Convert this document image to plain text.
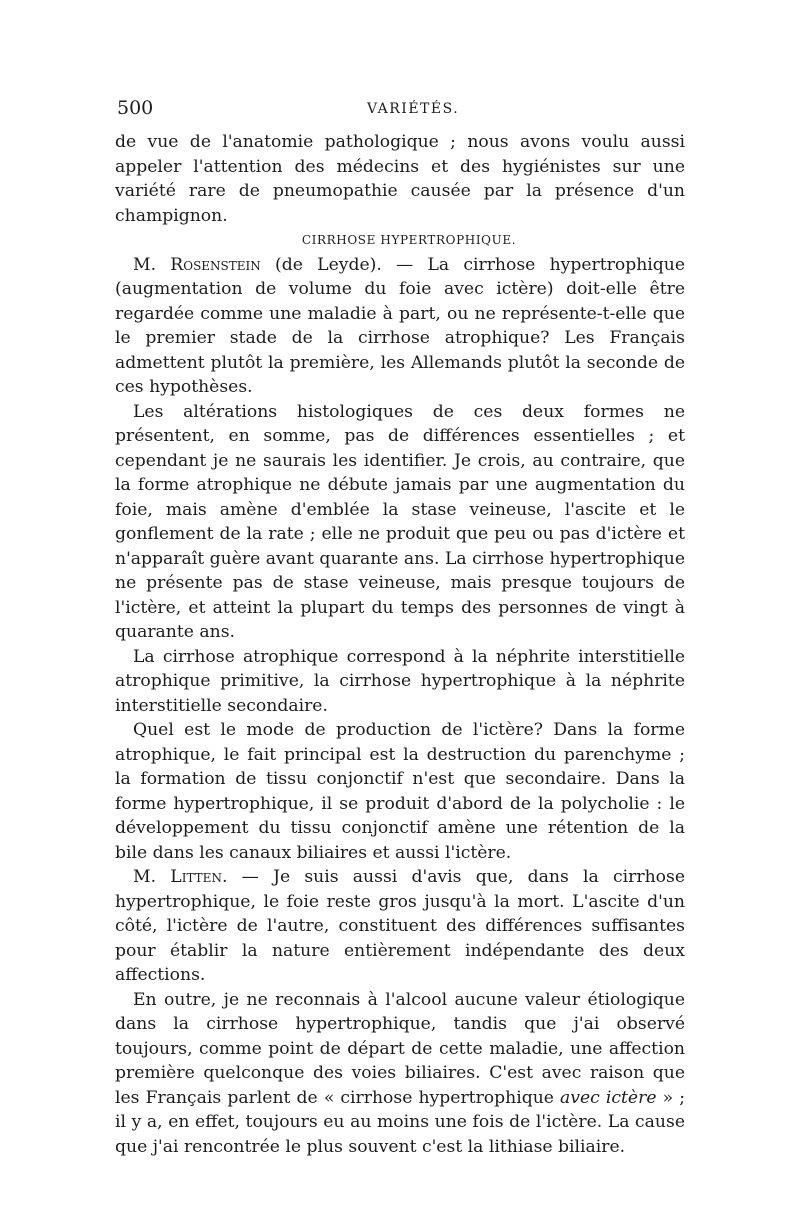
500	VARIÉTÉS.

de vue de l'anatomie pathologique ; nous avons voulu aussi appeler l'attention des médecins et des hygiénistes sur une variété rare de pneumopathie causée par la présence d'un champignon.

CIRRHOSE HYPERTROPHIQUE.

M. Rosenstein (de Leyde). — La cirrhose hypertrophique (augmentation de volume du foie avec ictère) doit-elle être regardée comme une maladie à part, ou ne représente-t-elle que le premier stade de la cirrhose atrophique? Les Français admettent plutôt la première, les Allemands plutôt la seconde de ces hypothèses.

Les altérations histologiques de ces deux formes ne présentent, en somme, pas de différences essentielles ; et cependant je ne saurais les identifier. Je crois, au contraire, que la forme atrophique ne débute jamais par une augmentation du foie, mais amène d'emblée la stase veineuse, l'ascite et le gonflement de la rate ; elle ne produit que peu ou pas d'ictère et n'apparaît guère avant quarante ans. La cirrhose hypertrophique ne présente pas de stase veineuse, mais presque toujours de l'ictère, et atteint la plupart du temps des personnes de vingt à quarante ans.

La cirrhose atrophique correspond à la néphrite interstitielle atrophique primitive, la cirrhose hypertrophique à la néphrite interstitielle secondaire.

Quel est le mode de production de l'ictère? Dans la forme atrophique, le fait principal est la destruction du parenchyme ; la formation de tissu conjonctif n'est que secondaire. Dans la forme hypertrophique, il se produit d'abord de la polycholie : le développement du tissu conjonctif amène une rétention de la bile dans les canaux biliaires et aussi l'ictère.

M. Litten. — Je suis aussi d'avis que, dans la cirrhose hypertrophique, le foie reste gros jusqu'à la mort. L'ascite d'un côté, l'ictère de l'autre, constituent des différences suffisantes pour établir la nature entièrement indépendante des deux affections.

En outre, je ne reconnais à l'alcool aucune valeur étiologique dans la cirrhose hypertrophique, tandis que j'ai observé toujours, comme point de départ de cette maladie, une affection première quelconque des voies biliaires. C'est avec raison que les Français parlent de « cirrhose hypertrophique avec ictère » ; il y a, en effet, toujours eu au moins une fois de l'ictère. La cause que j'ai rencontrée le plus souvent c'est la lithiase biliaire.
